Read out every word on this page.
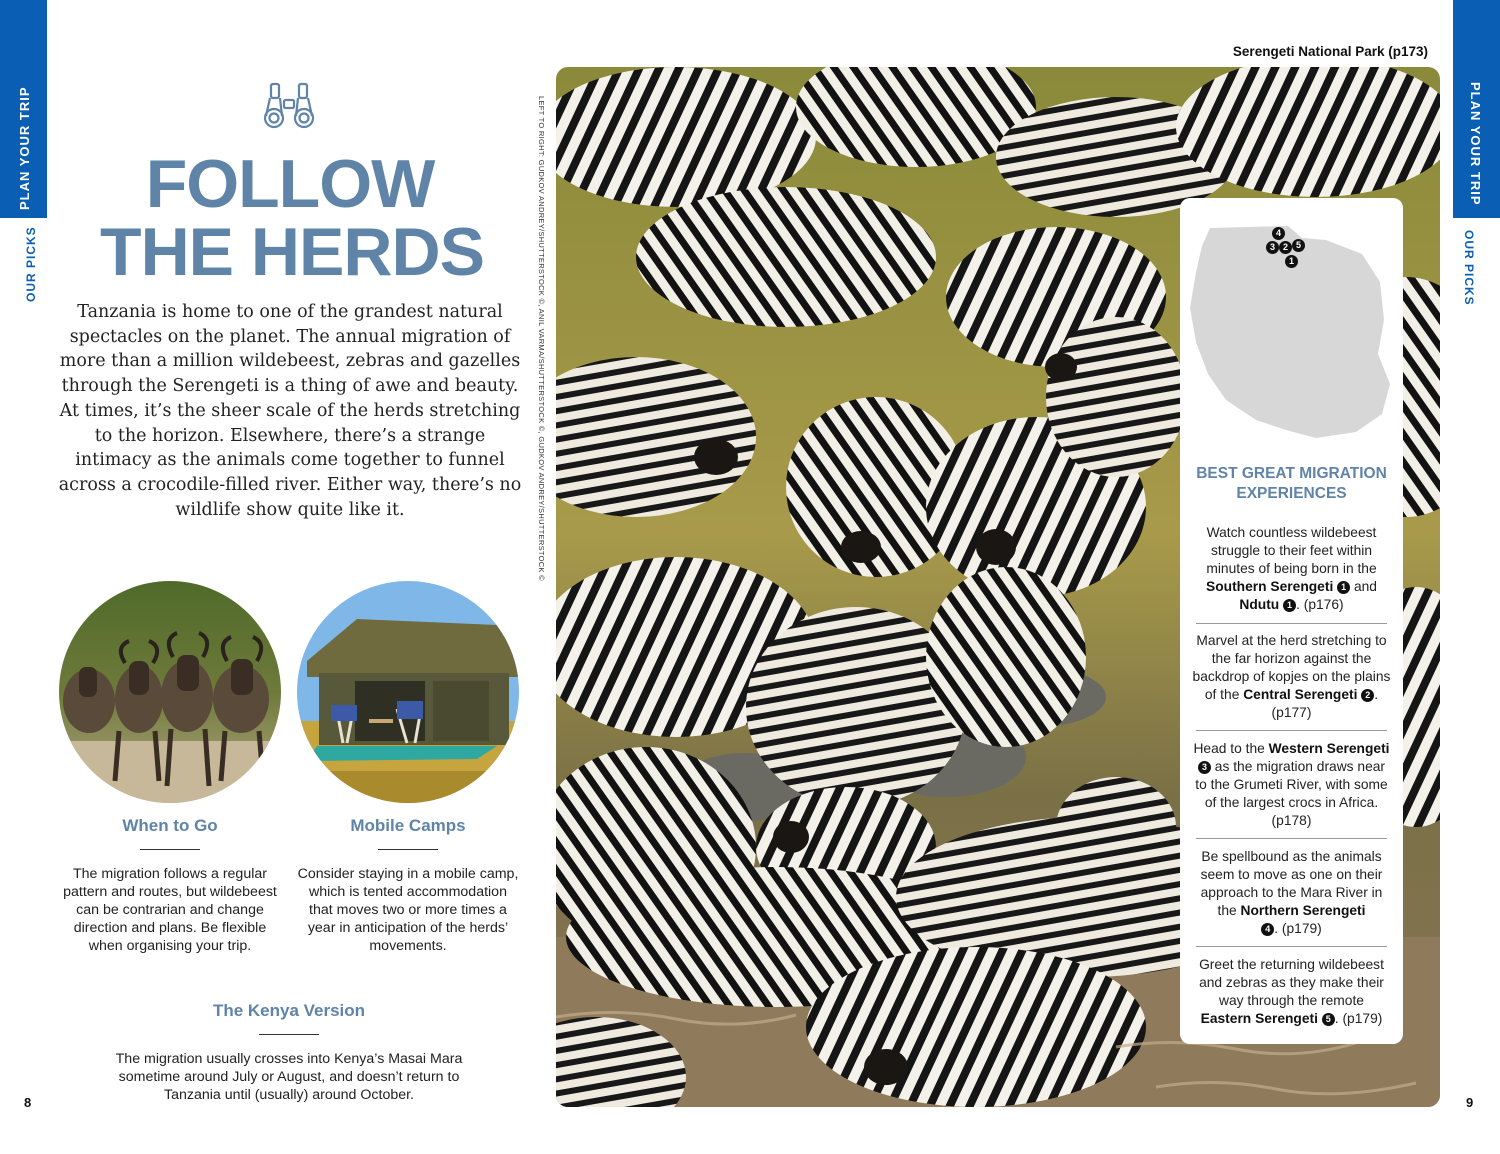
PLAN YOUR TRIP
OUR PICKS
PLAN YOUR TRIP
OUR PICKS
FOLLOW
THE HERDS
Tanzania is home to one of the grandest natural spectacles on the planet. The annual migration of more than a million wildebeest, zebras and gazelles through the Serengeti is a thing of awe and beauty. At times, it’s the sheer scale of the herds stretching to the horizon. Elsewhere, there’s a strange intimacy as the animals come together to funnel across a crocodile-filled river. Either way, there’s no wildlife show quite like it.
When to Go
The migration follows a regular pattern and routes, but wildebeest can be contrarian and change direction and plans. Be flexible when organising your trip.
Mobile Camps
Consider staying in a mobile camp, which is tented accommodation that moves two or more times a year in anticipation of the herds’ movements.
The Kenya Version
The migration usually crosses into Kenya’s Masai Mara sometime around July or August, and doesn’t return to Tanzania until (usually) around October.
8	9
LEFT TO RIGHT: GUDKOV ANDREY/SHUTTERSTOCK ©, ANIL VARMA/SHUTTERSTOCK ©, GUDKOV ANDREY/SHUTTERSTOCK ©
Serengeti National Park (p173)
4
3 2 5
1
BEST GREAT MIGRATION EXPERIENCES
Watch countless wildebeest struggle to their feet within minutes of being born in the Southern Serengeti 1 and Ndutu 1 . (p176)
Marvel at the herd stretching to the far horizon against the backdrop of kopjes on the plains of the Central Serengeti 2 . (p177)
Head to the Western Serengeti 3 as the migration draws near to the Grumeti River, with some of the largest crocs in Africa. (p178)
Be spellbound as the animals seem to move as one on their approach to the Mara River in the Northern Serengeti
4 . (p179)
Greet the returning wildebeest and zebras as they make their way through the remote Eastern Serengeti 5 . (p179)
